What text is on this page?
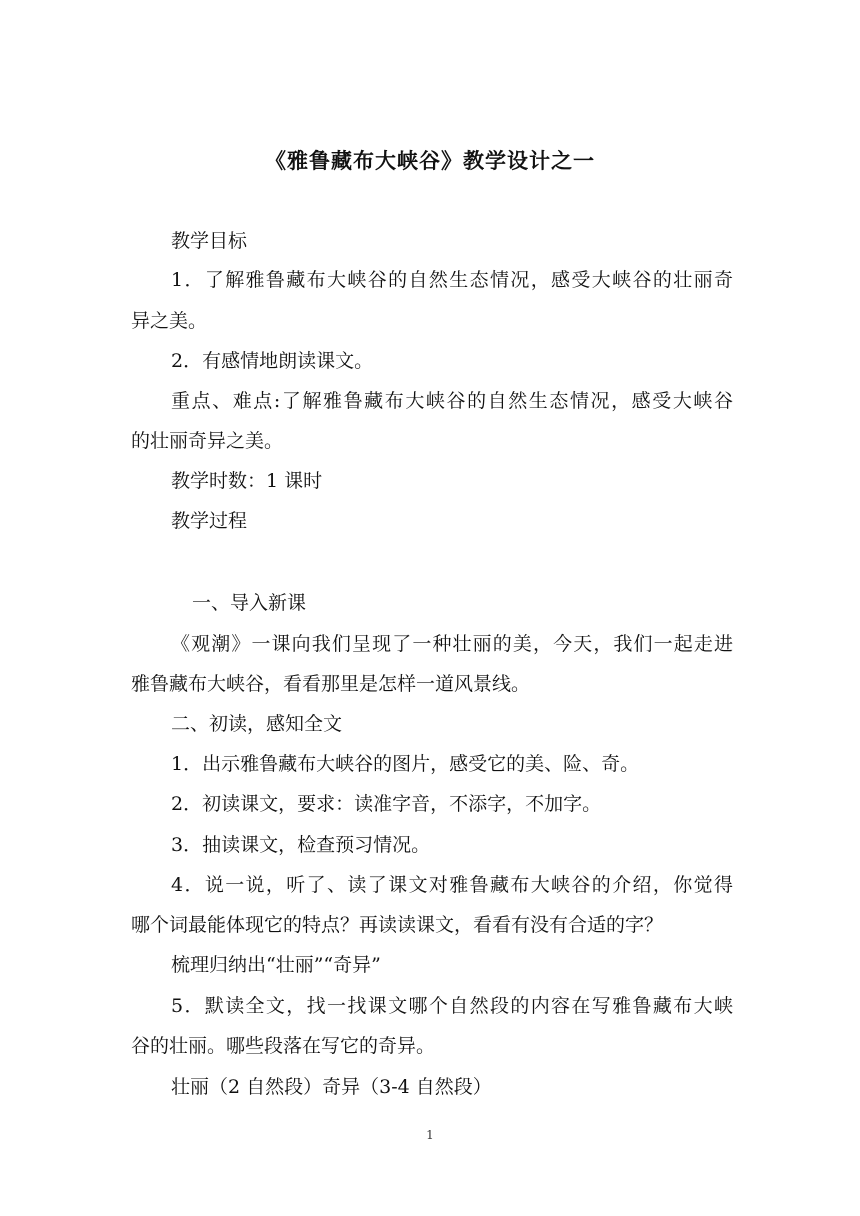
《雅鲁藏布大峡谷》教学设计之一
教学目标
1．了解雅鲁藏布大峡谷的自然生态情况，感受大峡谷的壮丽奇
异之美。
2．有感情地朗读课文。
重点、难点:了解雅鲁藏布大峡谷的自然生态情况，感受大峡谷
的壮丽奇异之美。
教学时数：1 课时
教学过程
一、导入新课
《观潮》一课向我们呈现了一种壮丽的美，今天，我们一起走进
雅鲁藏布大峡谷，看看那里是怎样一道风景线。
二、初读，感知全文
1．出示雅鲁藏布大峡谷的图片，感受它的美、险、奇。
2．初读课文，要求：读准字音，不添字，不加字。
3．抽读课文，检查预习情况。
4．说一说，听了、读了课文对雅鲁藏布大峡谷的介绍，你觉得
哪个词最能体现它的特点？再读读课文，看看有没有合适的字？
梳理归纳出“壮丽”“奇异”
5．默读全文，找一找课文哪个自然段的内容在写雅鲁藏布大峡
谷的壮丽。哪些段落在写它的奇异。
壮丽（2 自然段）奇异（3-4 自然段）
1
